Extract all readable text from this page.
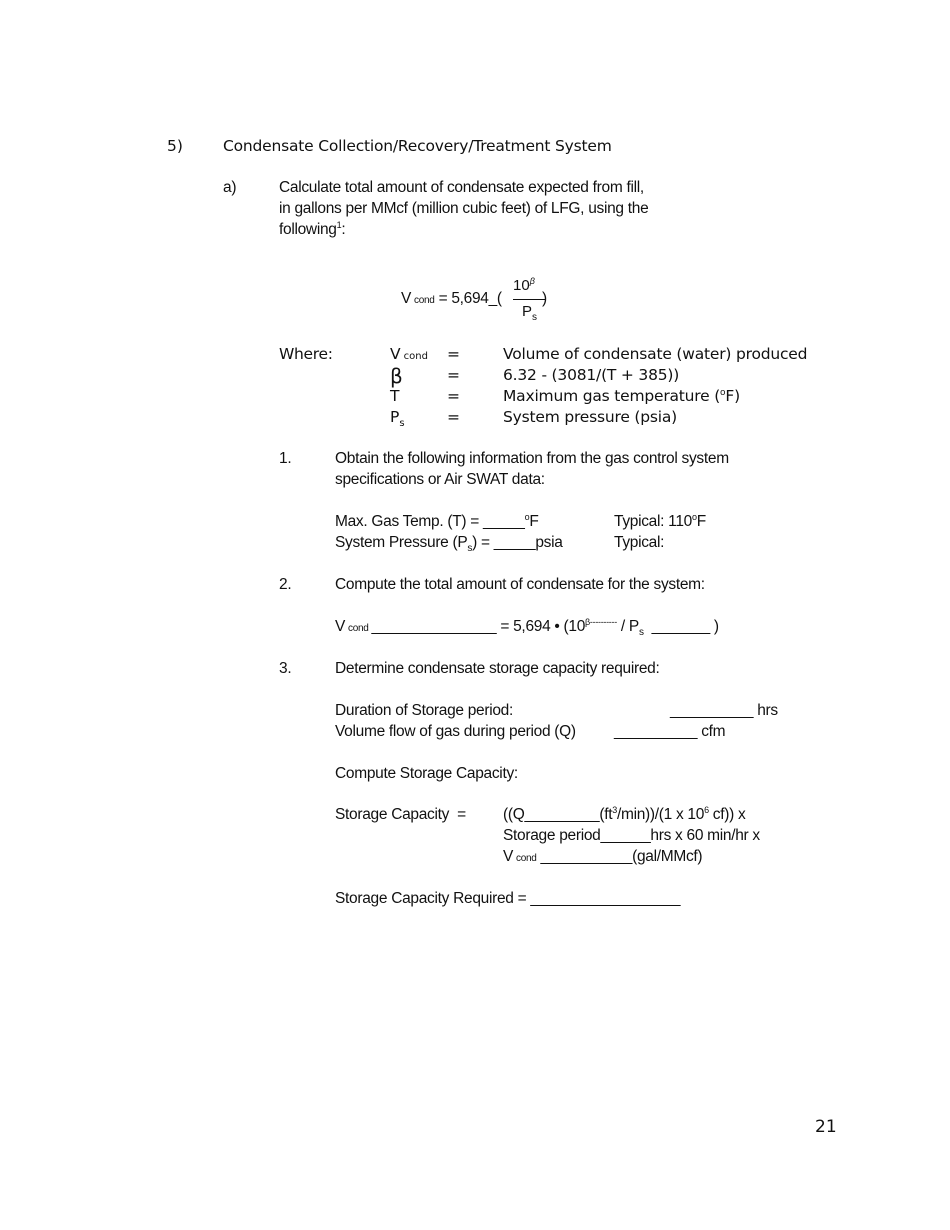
5)	Condensate Collection/Recovery/Treatment System
a)	Calculate total amount of condensate expected from fill,
in gallons per MMcf (million cubic feet) of LFG, using the
following$^1$:
Vcond = 5,694_(
$10^\beta$
$P_s$
)
Where:	Vcond =	Volume of condensate (water) produced
β	=	6.32 - (3081/(T + 385))
T	=	Maximum gas temperature ($^o$F)
$P_s$	=	System pressure (psia)
1.	Obtain the following information from the gas control system
specifications or Air SWAT data:
Max. Gas Temp. (T) = _____$^o$F	Typical: 110$^o$F
System Pressure $(P_s)$ = _____psia	Typical:
2.	Compute the total amount of condensate for the system:
Vcond _______________ = 5,694 • ($10^{\beta----------} / P_s$  _______ )
3.	Determine condensate storage capacity required:
Duration of Storage period:	__________ hrs
Volume flow of gas during period (Q) __________ cfm
Compute Storage Capacity:
Storage Capacity  = ($(Q\_\_\_\_\_\_\_\_\_(ft^3/\min))/(1$ x $10^6$ cf)) x
Storage period______hrs x 60 min/hr x
Vcond ___________(gal/MMcf)
Storage Capacity Required = __________________
21
